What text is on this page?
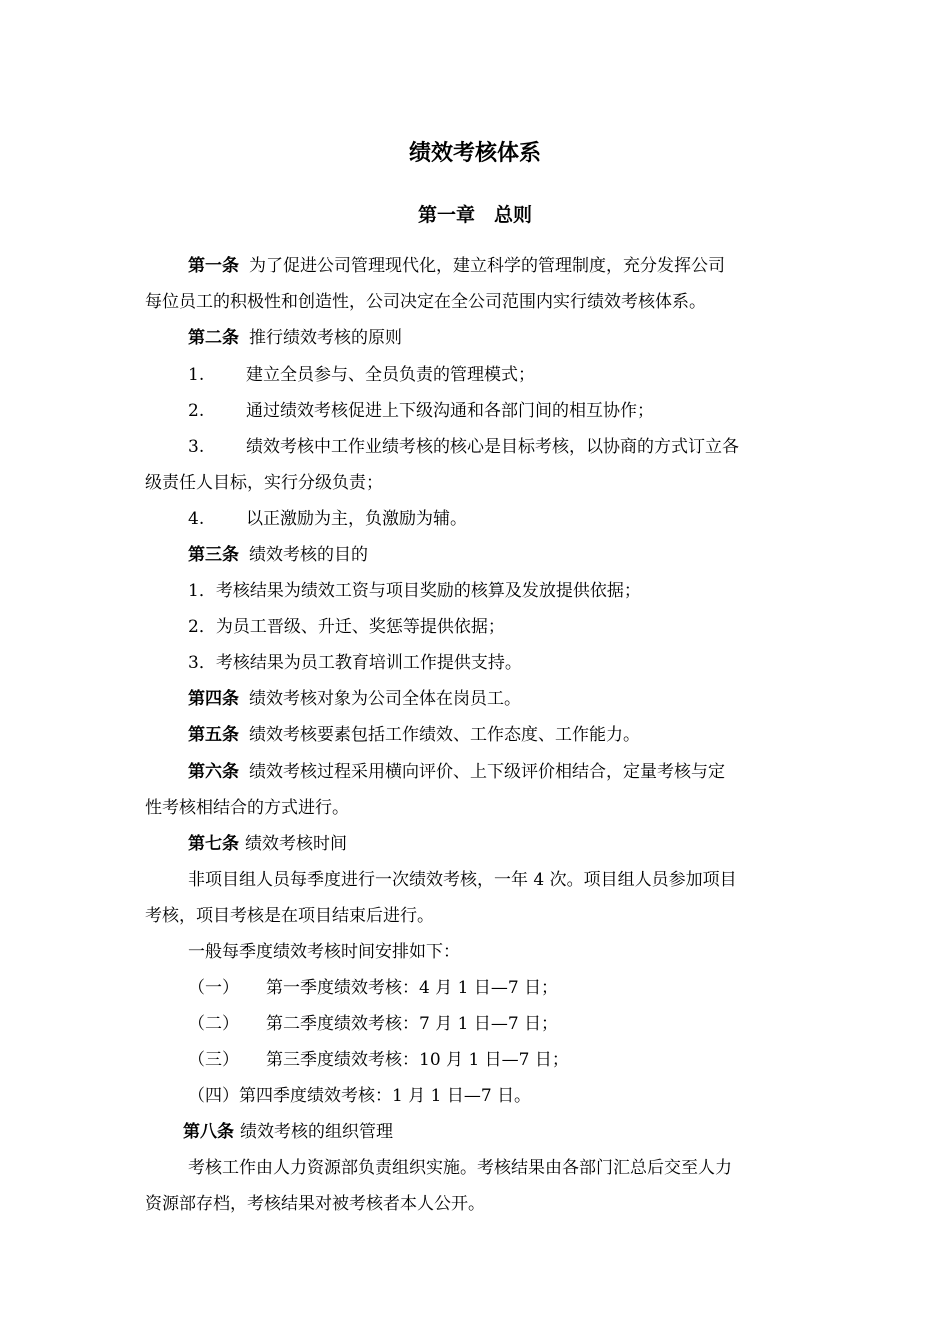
绩效考核体系
第一章　总则
第一条 为了促进公司管理现代化，建立科学的管理制度，充分发挥公司
每位员工的积极性和创造性，公司决定在全公司范围内实行绩效考核体系。
第二条 推行绩效考核的原则
1. 建立全员参与、全员负责的管理模式；
2. 通过绩效考核促进上下级沟通和各部门间的相互协作；
3. 绩效考核中工作业绩考核的核心是目标考核，以协商的方式订立各
级责任人目标，实行分级负责；
4. 以正激励为主，负激励为辅。
第三条 绩效考核的目的
1．考核结果为绩效工资与项目奖励的核算及发放提供依据；
2．为员工晋级、升迁、奖惩等提供依据；
3．考核结果为员工教育培训工作提供支持。
第四条 绩效考核对象为公司全体在岗员工。
第五条 绩效考核要素包括工作绩效、工作态度、工作能力。
第六条 绩效考核过程采用横向评价、上下级评价相结合，定量考核与定
性考核相结合的方式进行。
第七条 绩效考核时间
非项目组人员每季度进行一次绩效考核，一年 4 次。项目组人员参加项目
考核，项目考核是在项目结束后进行。
一般每季度绩效考核时间安排如下：
（一） 第一季度绩效考核：4 月 1 日—7 日；
（二） 第二季度绩效考核：7 月 1 日—7 日；
（三） 第三季度绩效考核：10 月 1 日—7 日；
（四）第四季度绩效考核：1 月 1 日—7 日。
第八条 绩效考核的组织管理
考核工作由人力资源部负责组织实施。考核结果由各部门汇总后交至人力
资源部存档，考核结果对被考核者本人公开。
